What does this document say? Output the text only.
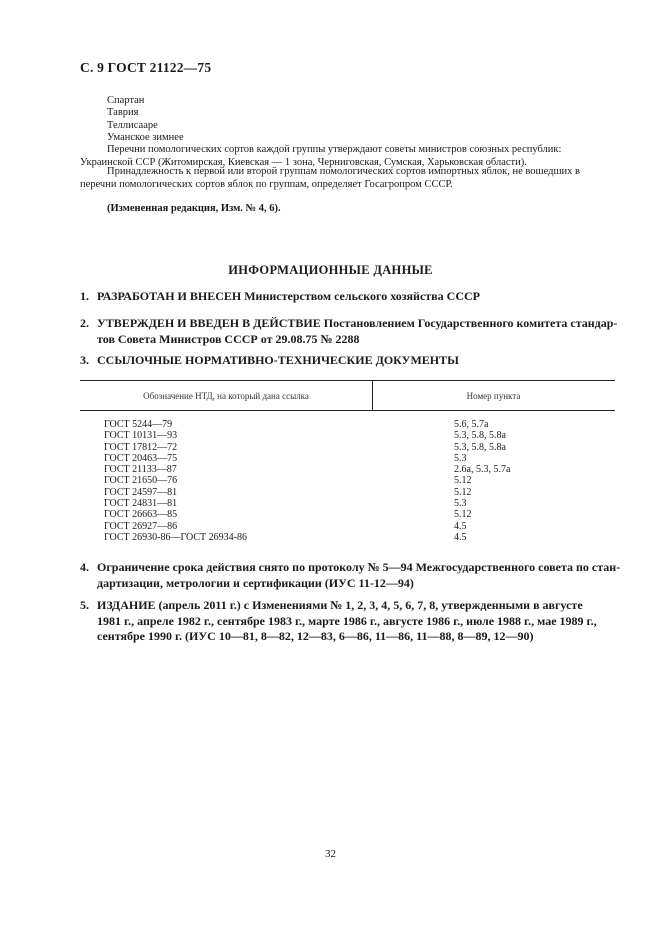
С. 9 ГОСТ 21122—75
Спартан
Таврия
Теллисааре
Уманское зимнее
Перечни помологических сортов каждой группы утверждают советы министров союзных республик:
Украинской ССР (Житомирская, Киевская — 1 зона, Черниговская, Сумская, Харьковская области).
Принадлежность к первой или второй группам помологических сортов импортных яблок, не вошедших в
перечни помологических сортов яблок по группам, определяет Госагропром СССР.
(Измененная редакция, Изм. № 4, 6).
ИНФОРМАЦИОННЫЕ ДАННЫЕ
1. РАЗРАБОТАН И ВНЕСЕН Министерством сельского хозяйства СССР
2. УТВЕРЖДЕН И ВВЕДЕН В ДЕЙСТВИЕ Постановлением Государственного комитета стандар-
тов Совета Министров СССР от 29.08.75 № 2288
3. ССЫЛОЧНЫЕ НОРМАТИВНО-ТЕХНИЧЕСКИЕ ДОКУМЕНТЫ
Обозначение НТД, на который дана ссылка	Номер пункта
ГОСТ 5244—79
ГОСТ 10131—93
ГОСТ 17812—72
ГОСТ 20463—75
ГОСТ 21133—87
ГОСТ 21650—76
ГОСТ 24597—81
ГОСТ 24831—81
ГОСТ 26663—85
ГОСТ 26927—86
ГОСТ 26930-86—ГОСТ 26934-86
5.6, 5.7а
5.3, 5.8, 5.8а
5.3, 5.8, 5.8а
5.3
2.6а, 5.3, 5.7а
5.12
5.12
5.3
5.12
4.5
4.5
4. Ограничение срока действия снято по протоколу № 5—94 Межгосударственного совета по стан-
дартизации, метрологии и сертификации (ИУС 11-12—94)
5. ИЗДАНИЕ (апрель 2011 г.) с Изменениями № 1, 2, 3, 4, 5, 6, 7, 8, утвержденными в августе
1981 г., апреле 1982 г., сентябре 1983 г., марте 1986 г., августе 1986 г., июле 1988 г., мае 1989 г.,
сентябре 1990 г. (ИУС 10—81, 8—82, 12—83, 6—86, 11—86, 11—88, 8—89, 12—90)
32
